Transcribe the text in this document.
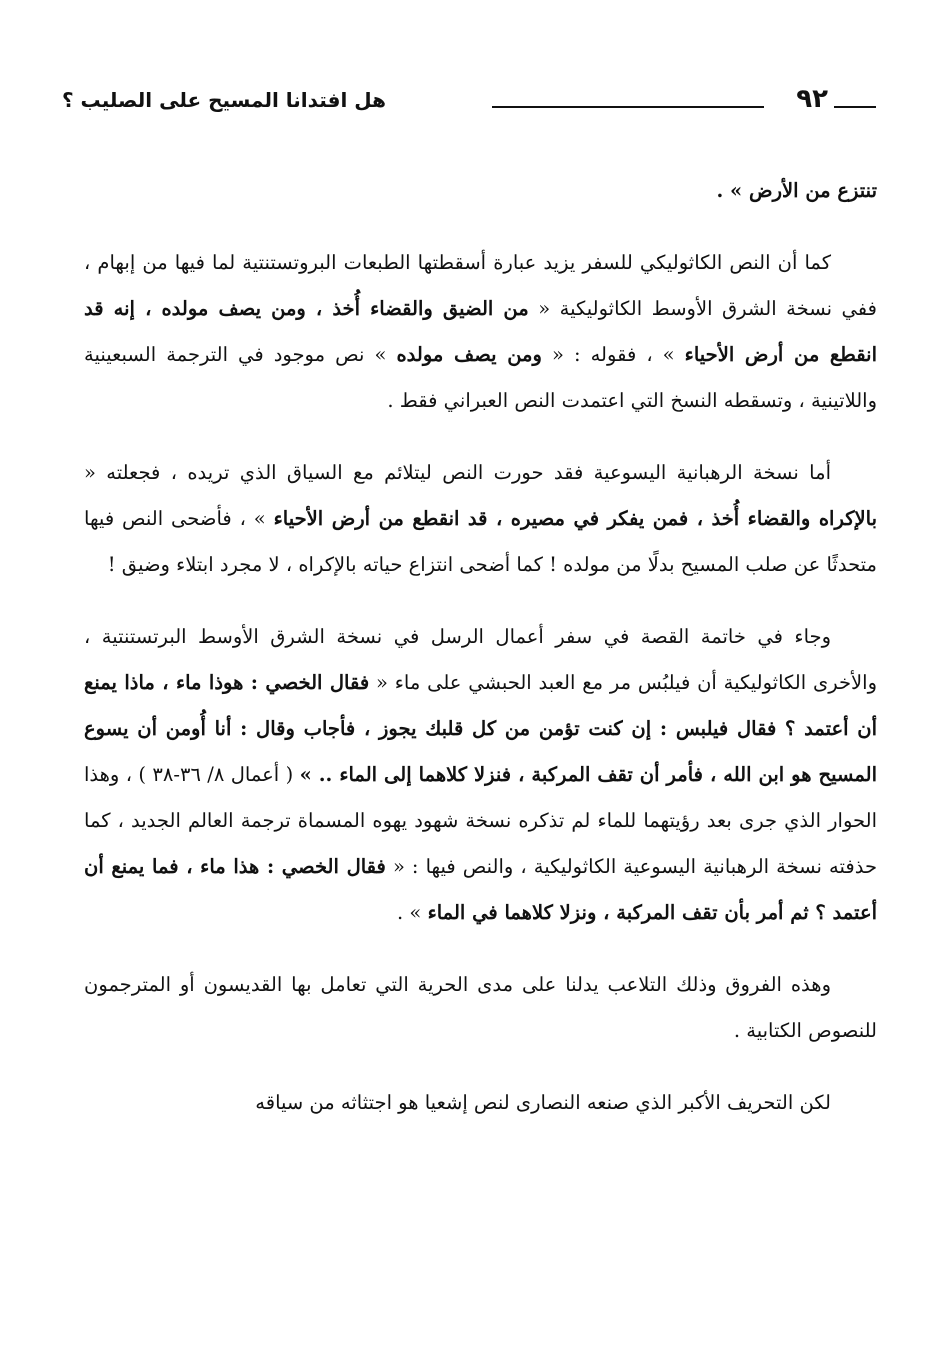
٩٢
هل افتدانا المسيح على الصليب ؟

تنتزع من الأرض » .

كما أن النص الكاثوليكي للسفر يزيد عبارة أسقطتها الطبعات البروتستنتية لما فيها من إبهام ، ففي نسخة الشرق الأوسط الكاثوليكية « من الضيق والقضاء أُخذ ، ومن يصف مولده ، إنه قد انقطع من أرض الأحياء » ، فقوله : « ومن يصف مولده » نص موجود في الترجمة السبعينية واللاتينية ، وتسقطه النسخ التي اعتمدت النص العبراني فقط .

أما نسخة الرهبانية اليسوعية فقد حورت النص ليتلائم مع السياق الذي تريده ، فجعلته « بالإكراه والقضاء أُخذ ، فمن يفكر في مصيره ، قد انقطع من أرض الأحياء » ، فأضحى النص فيها متحدثًا عن صلب المسيح بدلًا من مولده ! كما أضحى انتزاع حياته بالإكراه ، لا مجرد ابتلاء وضيق !

وجاء في خاتمة القصة في سفر أعمال الرسل في نسخة الشرق الأوسط البرتستنتية ، والأخرى الكاثوليكية أن فيلبُس مر مع العبد الحبشي على ماء « فقال الخصي : هوذا ماء ، ماذا يمنع أن أعتمد ؟ فقال فيلبس : إن كنت تؤمن من كل قلبك يجوز ، فأجاب وقال : أنا أُومن أن يسوع المسيح هو ابن الله ، فأمر أن تقف المركبة ، فنزلا كلاهما إلى الماء .. » ( أعمال ٨/ ٣٦-٣٨ ) ، وهذا الحوار الذي جرى بعد رؤيتهما للماء لم تذكره نسخة شهود يهوه المسماة ترجمة العالم الجديد ، كما حذفته نسخة الرهبانية اليسوعية الكاثوليكية ، والنص فيها : « فقال الخصي : هذا ماء ، فما يمنع أن أعتمد ؟ ثم أمر بأن تقف المركبة ، ونزلا كلاهما في الماء » .

وهذه الفروق وذلك التلاعب يدلنا على مدى الحرية التي تعامل بها القديسون أو المترجمون للنصوص الكتابية .

لكن التحريف الأكبر الذي صنعه النصارى لنص إشعيا هو اجتثاثه من سياقه
